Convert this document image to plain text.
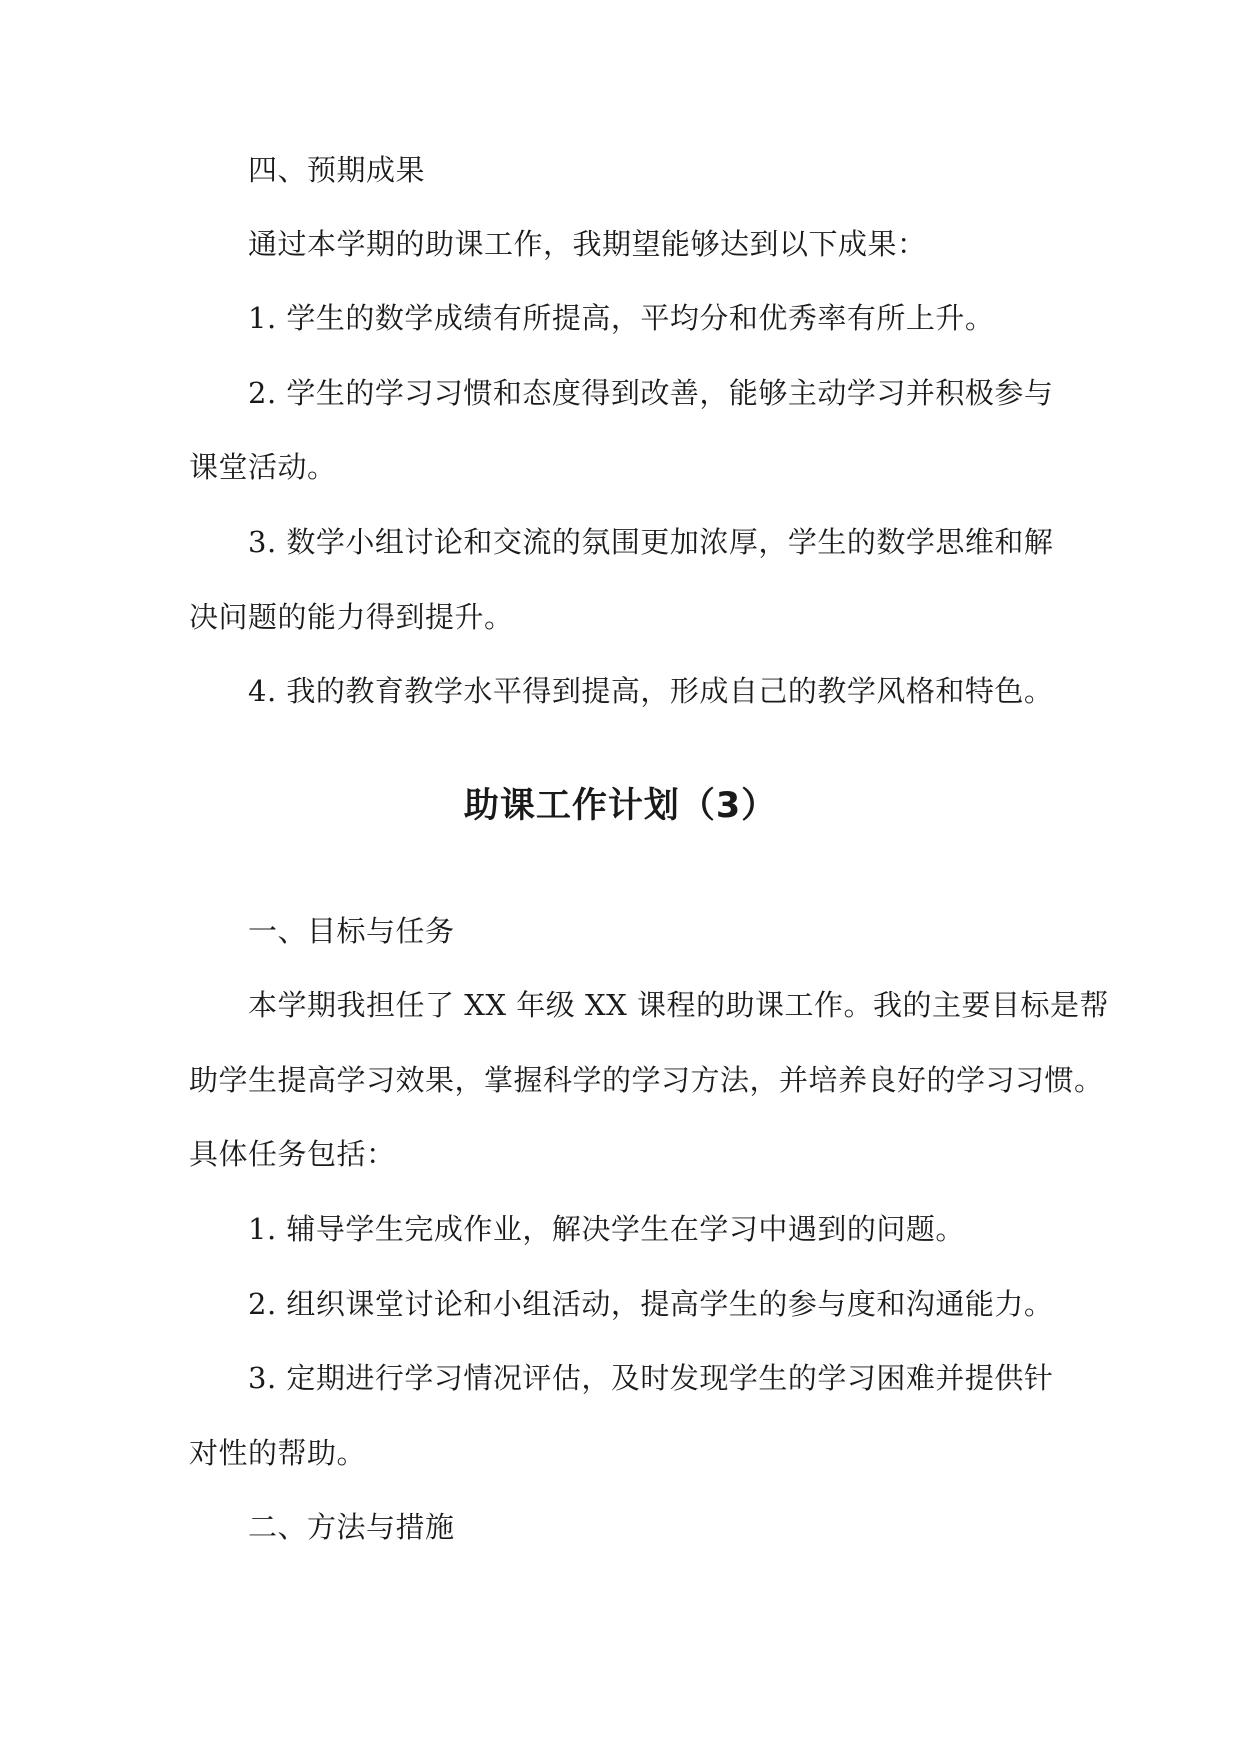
四、预期成果
通过本学期的助课工作，我期望能够达到以下成果：
1. 学生的数学成绩有所提高，平均分和优秀率有所上升。
2. 学生的学习习惯和态度得到改善，能够主动学习并积极参与
课堂活动。
3. 数学小组讨论和交流的氛围更加浓厚，学生的数学思维和解
决问题的能力得到提升。
4. 我的教育教学水平得到提高，形成自己的教学风格和特色。
助课工作计划（3）
一、目标与任务
本学期我担任了 XX 年级 XX 课程的助课工作。我的主要目标是帮
助学生提高学习效果，掌握科学的学习方法，并培养良好的学习习惯。
具体任务包括：
1. 辅导学生完成作业，解决学生在学习中遇到的问题。
2. 组织课堂讨论和小组活动，提高学生的参与度和沟通能力。
3. 定期进行学习情况评估，及时发现学生的学习困难并提供针
对性的帮助。
二、方法与措施
